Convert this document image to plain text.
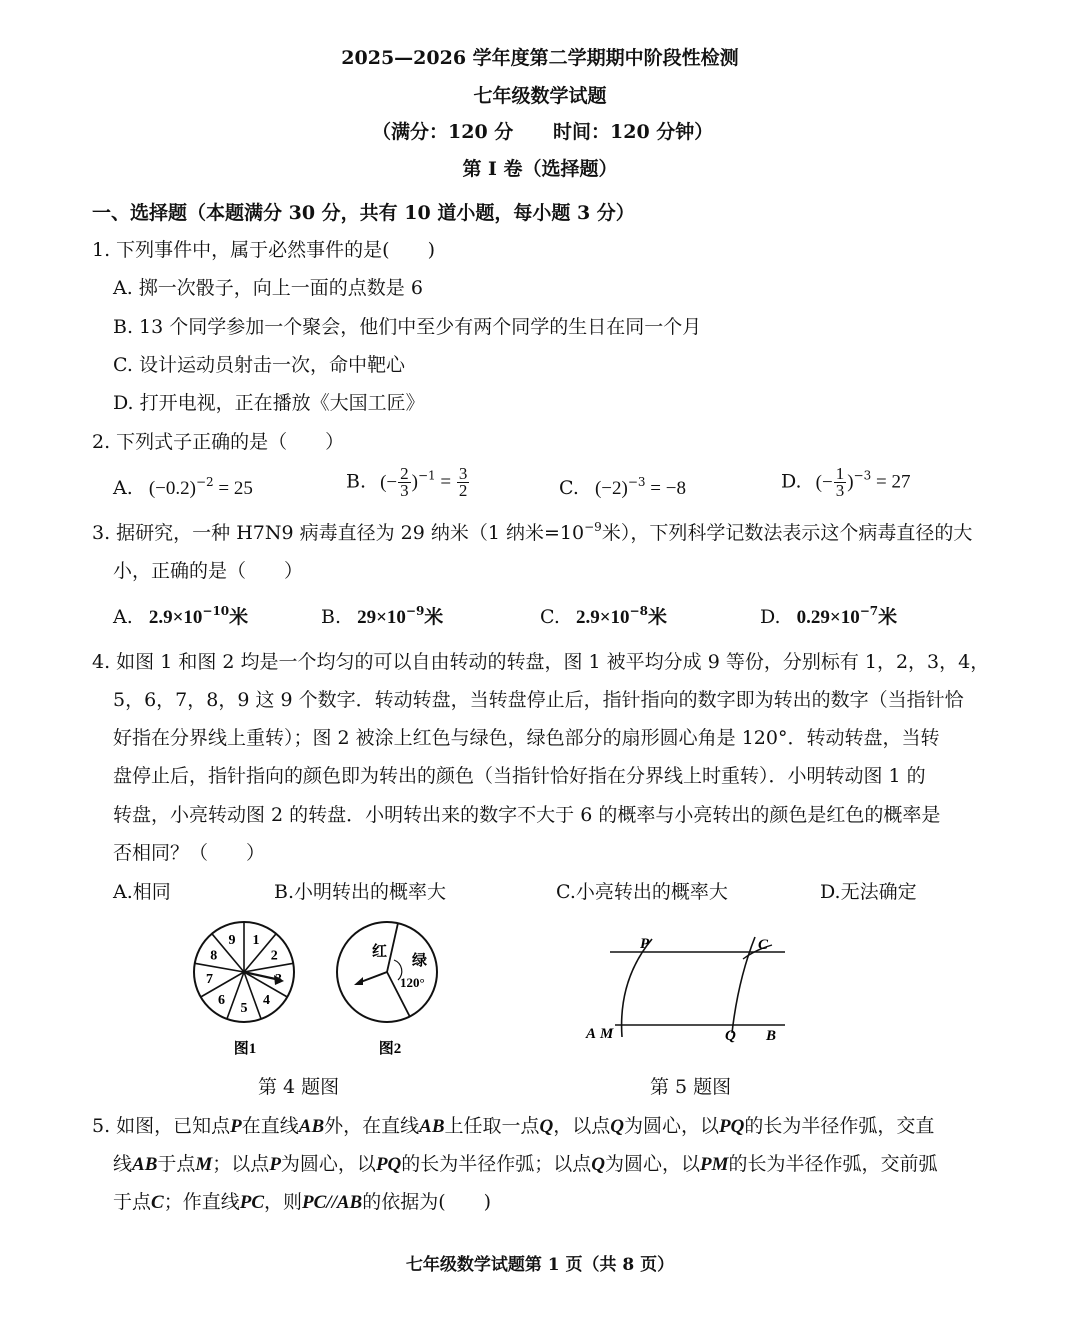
2025—2026 学年度第二学期期中阶段性检测
七年级数学试题
（满分：120 分 时间：120 分钟）
第 I 卷（选择题）
一、选择题（本题满分 30 分，共有 10 道小题，每小题 3 分）
1. 下列事件中，属于必然事件的是(　　)
A. 掷一次骰子，向上一面的点数是 6
B. 13 个同学参加一个聚会，他们中至少有两个同学的生日在同一个月
C. 设计运动员射击一次，命中靶心
D. 打开电视，正在播放《大国工匠》
2. 下列式子正确的是（　　）
A. $(-0.2)^{-2} = 25$	B. (− $\frac{2}{3} )^{-1} = \frac{3}{2}$	C. $(-2)^{-3} = -8$	D. (− $\frac{1}{3} )^{-3} = 27$
3. 据研究，一种 H7N9 病毒直径为 29 纳米（1 纳米$=10^{-9}$米），下列科学记数法表示这个病毒直径的大
小，正确的是（　　）
A. $2.9\times 10^{-10}$米	B. $29\times 10^{-9}$米	C. $2.9\times 10^{-8}$米	D. $0.29\times 10^{-7}$米
4. 如图 1 和图 2 均是一个均匀的可以自由转动的转盘，图 1 被平均分成 9 等份，分别标有 1，2，3，4，
5，6，7，8，9 这 9 个数字．转动转盘，当转盘停止后，指针指向的数字即为转出的数字（当指针恰
好指在分界线上重转）；图 2 被涂上红色与绿色，绿色部分的扇形圆心角是 120°．转动转盘，当转
盘停止后，指针指向的颜色即为转出的颜色（当指针恰好指在分界线上时重转）．小明转动图 1 的
转盘，小亮转动图 2 的转盘．小明转出来的数字不大于 6 的概率与小亮转出的颜色是红色的概率是
否相同？（　　）
A.相同	B.小明转出的概率大	C.小亮转出的概率大	D.无法确定
1
2
4
5
6
7
8
9
图1
红
绿
120°
图2
第 4 题图
P	C
A M	Q B
第 5 题图
5. 如图，已知点P在直线AB外，在直线AB上任取一点Q，以点Q为圆心，以PQ的长为半径作弧，交直
线AB于点M；以点P为圆心，以PQ的长为半径作弧；以点Q为圆心，以PM的长为半径作弧，交前弧
于点C；作直线PC，则PC//AB的依据为(　　)
七年级数学试题第 1 页（共 8 页）
